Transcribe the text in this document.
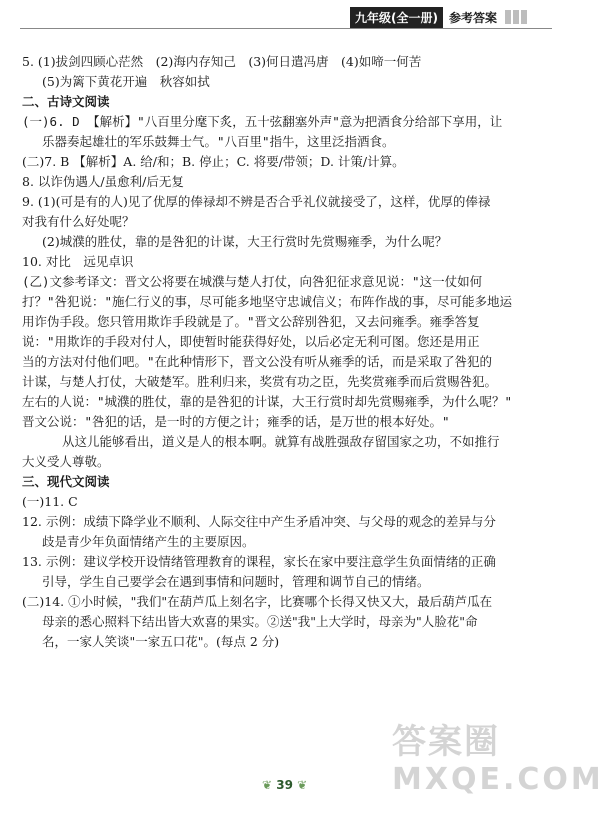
九年级(全一册) 参考答案
5. (1)拔剑四顾心茫然　(2)海内存知己　(3)何日遣冯唐　(4)如啼一何苦
(5)为篱下黄花开遍　秋容如拭
二、古诗文阅读
(一)6. D 【解析】"八百里分麾下炙，五十弦翻塞外声"意为把酒食分给部下享用，让
乐器奏起雄壮的军乐鼓舞士气。"八百里"指牛，这里泛指酒食。
(二)7. B 【解析】A. 给/和；B. 停止；C. 将要/带领；D. 计策/计算。
8. 以诈伪遇人/虽愈利/后无复
9. (1)(可是有的人)见了优厚的俸禄却不辨是否合乎礼仪就接受了，这样，优厚的俸禄
对我有什么好处呢？
(2)城濮的胜仗，靠的是咎犯的计谋，大王行赏时先赏赐雍季，为什么呢？
10. 对比　远见卓识
(乙)文参考译文：晋文公将要在城濮与楚人打仗，向咎犯征求意见说："这一仗如何
打？"咎犯说："施仁行义的事，尽可能多地坚守忠诚信义；布阵作战的事，尽可能多地运
用诈伪手段。您只管用欺诈手段就是了。"晋文公辞别咎犯，又去问雍季。雍季答复
说："用欺诈的手段对付人，即使暂时能获得好处，以后必定无利可图。您还是用正
当的方法对付他们吧。"在此种情形下，晋文公没有听从雍季的话，而是采取了咎犯的
计谋，与楚人打仗，大破楚军。胜利归来，奖赏有功之臣，先奖赏雍季而后赏赐咎犯。
左右的人说："城濮的胜仗，靠的是咎犯的计谋，大王行赏时却先赏赐雍季，为什么呢？"
晋文公说："咎犯的话，是一时的方便之计；雍季的话，是万世的根本好处。"
从这儿能够看出，道义是人的根本啊。就算有战胜强敌存留国家之功，不如推行
大义受人尊敬。
三、现代文阅读
(一)11. C
12. 示例：成绩下降学业不顺利、人际交往中产生矛盾冲突、与父母的观念的差异与分
歧是青少年负面情绪产生的主要原因。
13. 示例：建议学校开设情绪管理教育的课程，家长在家中要注意学生负面情绪的正确
引导，学生自己要学会在遇到事情和问题时，管理和调节自己的情绪。
(二)14. ①小时候，"我们"在葫芦瓜上刻名字，比赛哪个长得又快又大，最后葫芦瓜在
母亲的悉心照料下结出皆大欢喜的果实。②送"我"上大学时，母亲为"人脸花"命
名，一家人笑谈"一家五口花"。(每点 2 分)
❦ 39 ❦
答案圈
MXQE.COM
